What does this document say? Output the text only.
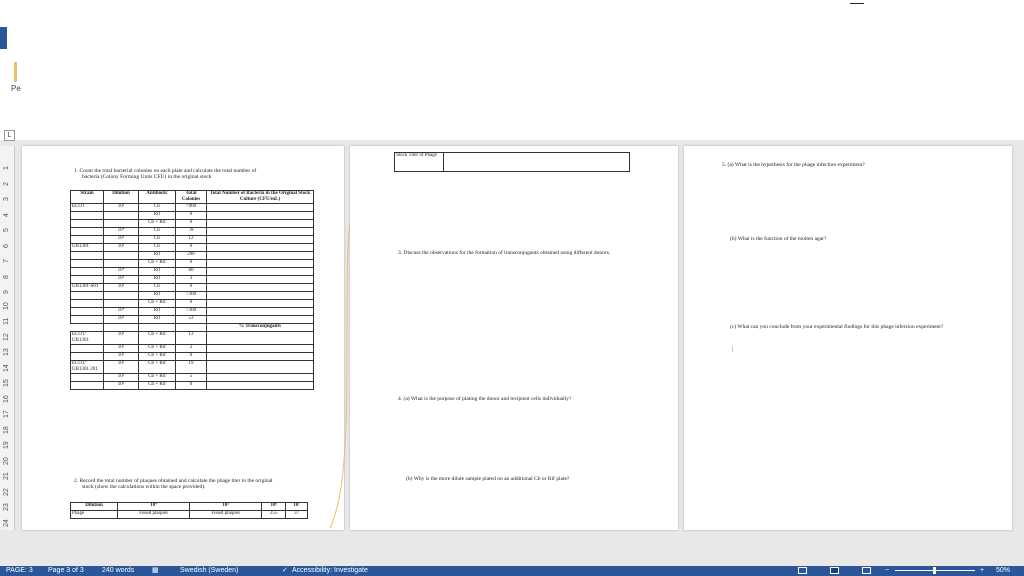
Pe
L
1
2
3
4
5
6
7
8
9
10
11
12
13
14
15
16
17
18
19
20
21
22
23
24
1. Count the total bacterial colonies on each plate and calculate the total number of
bacteria (Colony Forming Units CFU) in the original stock
Strain	Dilution	Antibiotic	Total Colonies	Total Number of Bacteria in the Original Stock Culture (CFU/mL)
ECO1	10²	Cb	>900	
		Rif	0	
		Cb + Rif	0	
	10⁴	Cb	78	
	10⁵	Cb	12	
UB1301	10²	Cb	0	
		Rif	296	
		Cb + Rif	0	
	10⁴	Rif	80	
	10⁵	Rif	3	
UB1301-S01	10²	Cb	0	
		Rif	>300	
		Cb + Rif	0	
	10⁴	Rif	>300	
	10⁵	Rif	53	
				% Transconjugants
ECO1/ UB1301	10¹	Cb + Rif	13	
	10²	Cb + Rif	2	
	10³	Cb + Rif	0	
ECO1/ UB1301 201	10¹	Cb + Rif	19	
	10²	Cb + Rif	5	
	10³	Cb + Rif	0	
2. Record the total number of plaques obtained and calculate the phage titer in the original
stock (show the calculations within the space provided).
Dilution	10⁴	10⁵	10⁶	10⁷
Phage	Fused plaques	Fused plaques	255	37
Stock Titer of Phage	
3. Discuss the observations for the formation of transconjugants obtained using different donors.
4. (a) What is the purpose of plating the donor and recipient cells individually?
(b) Why is the more dilute sample plated on an additional Cb or Rif plate?
5. (a) What is the hypothesis for the phage infection experiment?
(b) What is the function of the molten agar?
(c) What can you conclude from your experimental findings for this phage infection experiment?
PAGE: 3 Page 3 of 3	240 words	▦	Swedish (Sweden)	✓ Accessibility: Investigate	−	+ 50%
